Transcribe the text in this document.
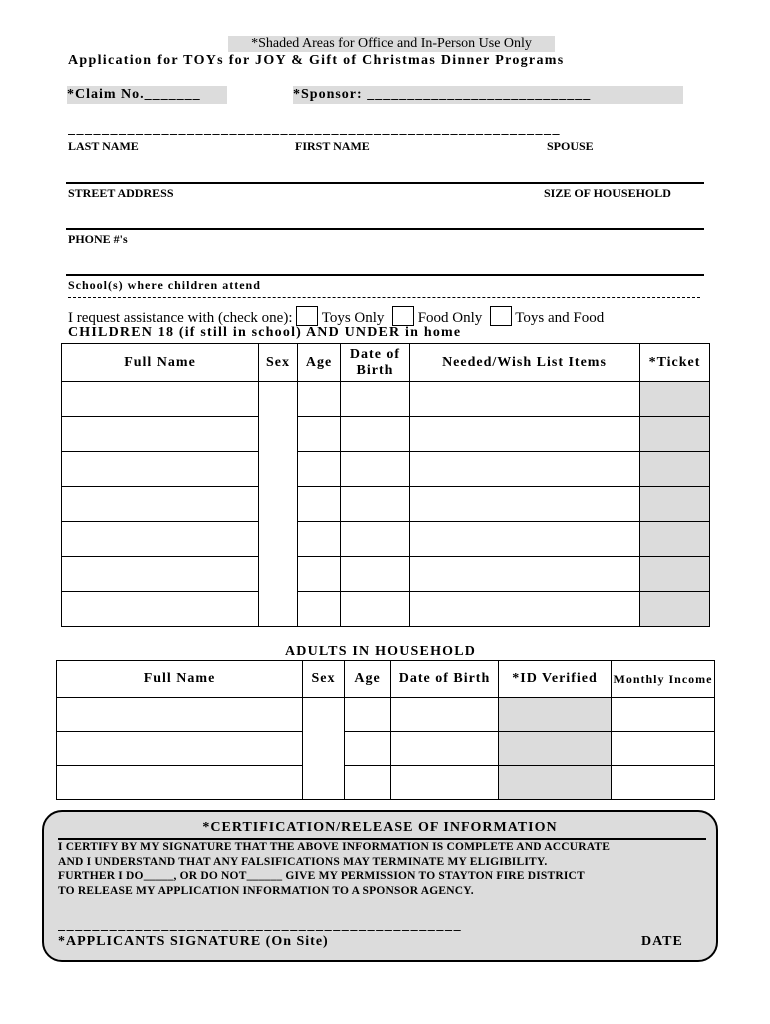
*Shaded Areas for Office and In-Person Use Only
Application for TOYs for JOY & Gift of Christmas Dinner Programs
*Claim No._______	*Sponsor: ____________________________
__________________________________________________________
LAST NAME	FIRST NAME	SPOUSE
STREET ADDRESS	SIZE OF HOUSEHOLD
PHONE #'s
School(s) where children attend
I request assistance with (check one): Toys Only Food Only Toys and Food
CHILDREN 18 (if still in school) AND UNDER in home
Full Name	Sex	Age	Date of Birth	Needed/Wish List Items	*Ticket

ADULTS IN HOUSEHOLD
Full Name	Sex	Age	Date of Birth	*ID Verified	Monthly Income

*CERTIFICATION/RELEASE OF INFORMATION
I CERTIFY BY MY SIGNATURE THAT THE ABOVE INFORMATION IS COMPLETE AND ACCURATE
AND I UNDERSTAND THAT ANY FALSIFICATIONS MAY TERMINATE MY ELIGIBILITY.
FURTHER I DO_____, OR DO NOT______ GIVE MY PERMISSION TO STAYTON FIRE DISTRICT
TO RELEASE MY APPLICATION INFORMATION TO A SPONSOR AGENCY.
_______________________________________________
*APPLICANTS SIGNATURE (On Site)	DATE
